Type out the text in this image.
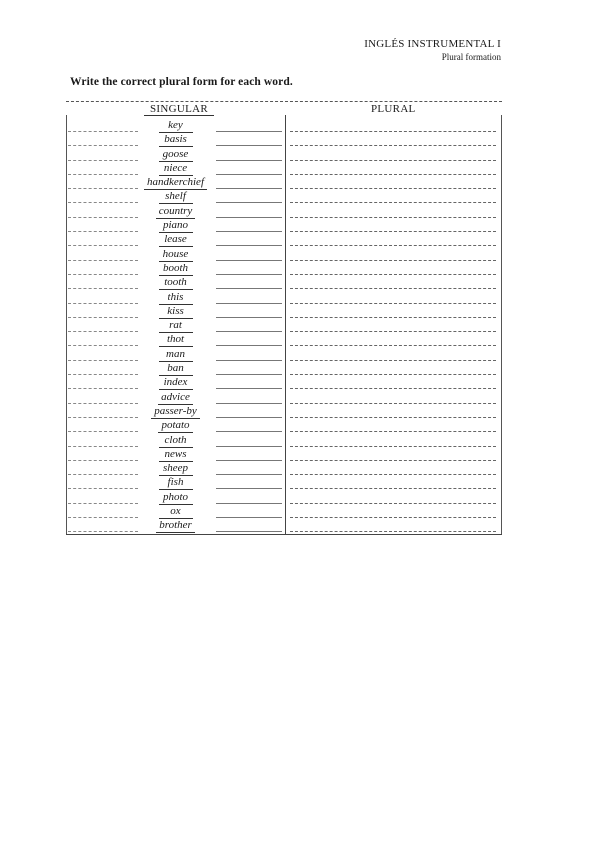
INGLÉS INSTRUMENTAL I
Plural formation
Write the correct plural form for each word.
SINGULAR	PLURAL
key
basis
goose
niece
handkerchief
shelf
country
piano
lease
house
booth
tooth
this
kiss
rat
thot
man
ban
index
advice
passer-by
potato
cloth
news
sheep
fish
photo
ox
brother
